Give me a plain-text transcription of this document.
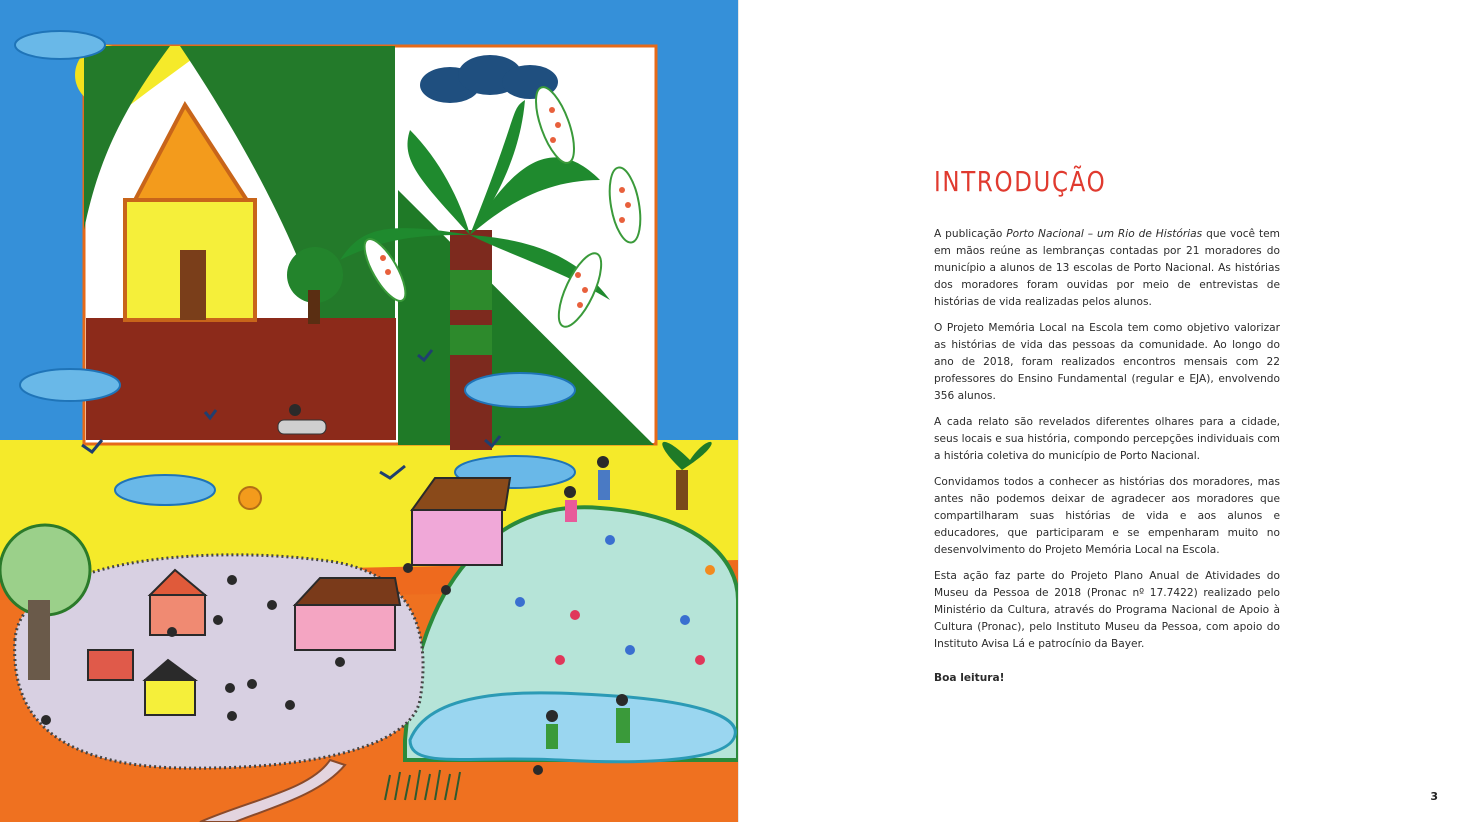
INTRODUÇÃO

A publicação Porto Nacional – um Rio de Histórias que você tem em mãos reúne as lembranças contadas por 21 moradores do município a alunos de 13 escolas de Porto Nacional. As histórias dos moradores foram ouvidas por meio de entrevistas de histórias de vida realizadas pelos alunos.

O Projeto Memória Local na Escola tem como objetivo valorizar as histórias de vida das pessoas da comunidade. Ao longo do ano de 2018, foram realizados encontros mensais com 22 professores do Ensino Fundamental (regular e EJA), envolvendo 356 alunos.

A cada relato são revelados diferentes olhares para a cidade, seus locais e sua história, compondo percepções individuais com a história coletiva do município de Porto Nacional.

Convidamos todos a conhecer as histórias dos moradores, mas antes não podemos deixar de agradecer aos moradores que compartilharam suas histórias de vida e aos alunos e educadores, que participaram e se empenharam muito no desenvolvimento do Projeto Memória Local na Escola.

Esta ação faz parte do Projeto Plano Anual de Atividades do Museu da Pessoa de 2018 (Pronac nº 17.7422) realizado pelo Ministério da Cultura, através do Programa Nacional de Apoio à Cultura (Pronac), pelo Instituto Museu da Pessoa, com apoio do Instituto Avisa Lá e patrocínio da Bayer.

Boa leitura!

3
